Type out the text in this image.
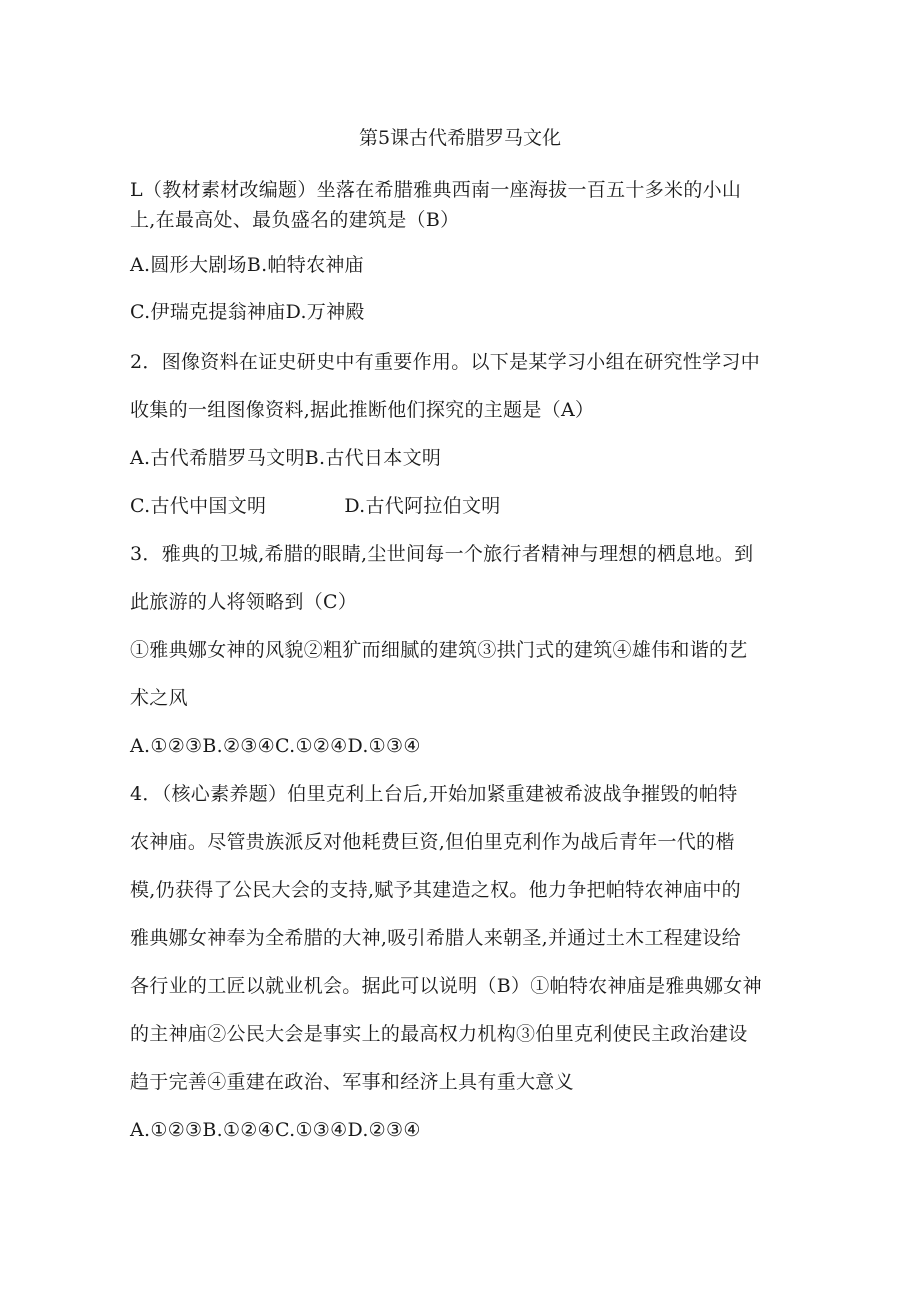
第5课古代希腊罗马文化
L（教材素材改编题）坐落在希腊雅典西南一座海拔一百五十多米的小山
上,在最高处、最负盛名的建筑是（B）
A.圆形大剧场B.帕特农神庙
C.伊瑞克提翁神庙D.万神殿
2．图像资料在证史研史中有重要作用。以下是某学习小组在研究性学习中
收集的一组图像资料,据此推断他们探究的主题是（A）
A.古代希腊罗马文明B.古代日本文明
C.古代中国文明	D.古代阿拉伯文明
3．雅典的卫城,希腊的眼睛,尘世间每一个旅行者精神与理想的栖息地。到
此旅游的人将领略到（C）
①雅典娜女神的风貌②粗犷而细腻的建筑③拱门式的建筑④雄伟和谐的艺
术之风
A.①②③B.②③④C.①②④D.①③④
4．（核心素养题）伯里克利上台后,开始加紧重建被希波战争摧毁的帕特
农神庙。尽管贵族派反对他耗费巨资,但伯里克利作为战后青年一代的楷
模,仍获得了公民大会的支持,赋予其建造之权。他力争把帕特农神庙中的
雅典娜女神奉为全希腊的大神,吸引希腊人来朝圣,并通过土木工程建设给
各行业的工匠以就业机会。据此可以说明（B）①帕特农神庙是雅典娜女神
的主神庙②公民大会是事实上的最高权力机构③伯里克利使民主政治建设
趋于完善④重建在政治、军事和经济上具有重大意义
A.①②③B.①②④C.①③④D.②③④
